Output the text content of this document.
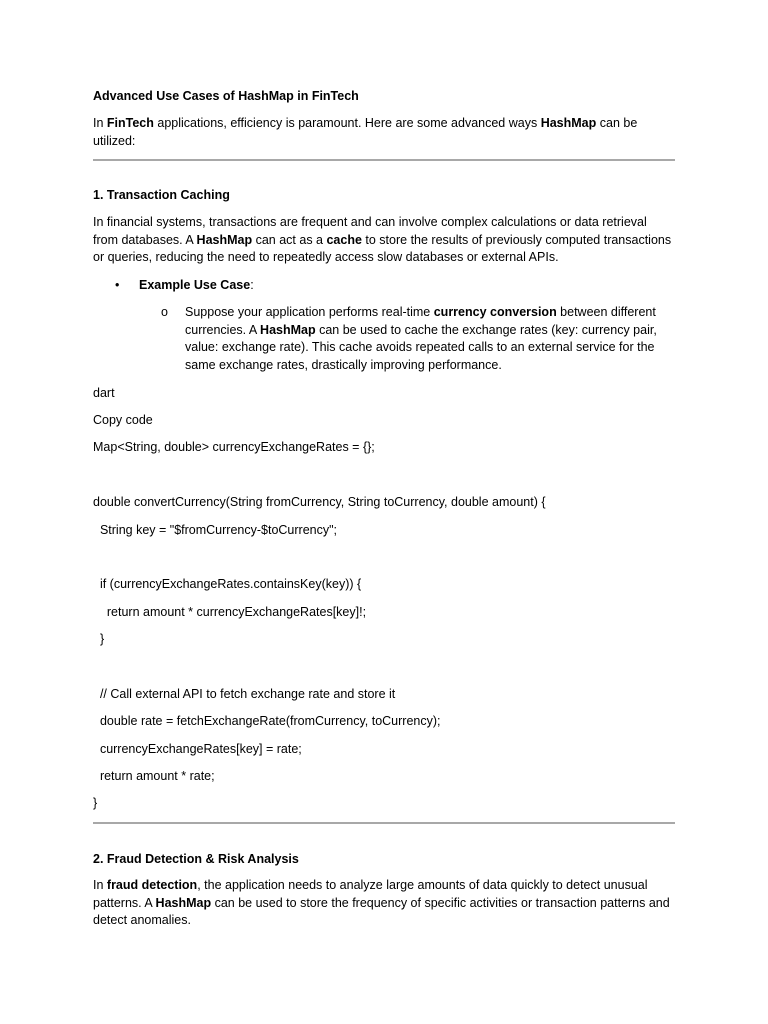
Advanced Use Cases of HashMap in FinTech
In FinTech applications, efficiency is paramount. Here are some advanced ways HashMap can be utilized:
1. Transaction Caching
In financial systems, transactions are frequent and can involve complex calculations or data retrieval from databases. A HashMap can act as a cache to store the results of previously computed transactions or queries, reducing the need to repeatedly access slow databases or external APIs.
• Example Use Case:
o Suppose your application performs real-time currency conversion between different currencies. A HashMap can be used to cache the exchange rates (key: currency pair, value: exchange rate). This cache avoids repeated calls to an external service for the same exchange rates, drastically improving performance.
dart
Copy code
Map<String, double> currencyExchangeRates = {};
double convertCurrency(String fromCurrency, String toCurrency, double amount) {
String key = "$fromCurrency-$toCurrency";
if (currencyExchangeRates.containsKey(key)) {
return amount * currencyExchangeRates[key]!;
}
// Call external API to fetch exchange rate and store it
double rate = fetchExchangeRate(fromCurrency, toCurrency);
currencyExchangeRates[key] = rate;
return amount * rate;
}
2. Fraud Detection & Risk Analysis
In fraud detection, the application needs to analyze large amounts of data quickly to detect unusual patterns. A HashMap can be used to store the frequency of specific activities or transaction patterns and detect anomalies.
